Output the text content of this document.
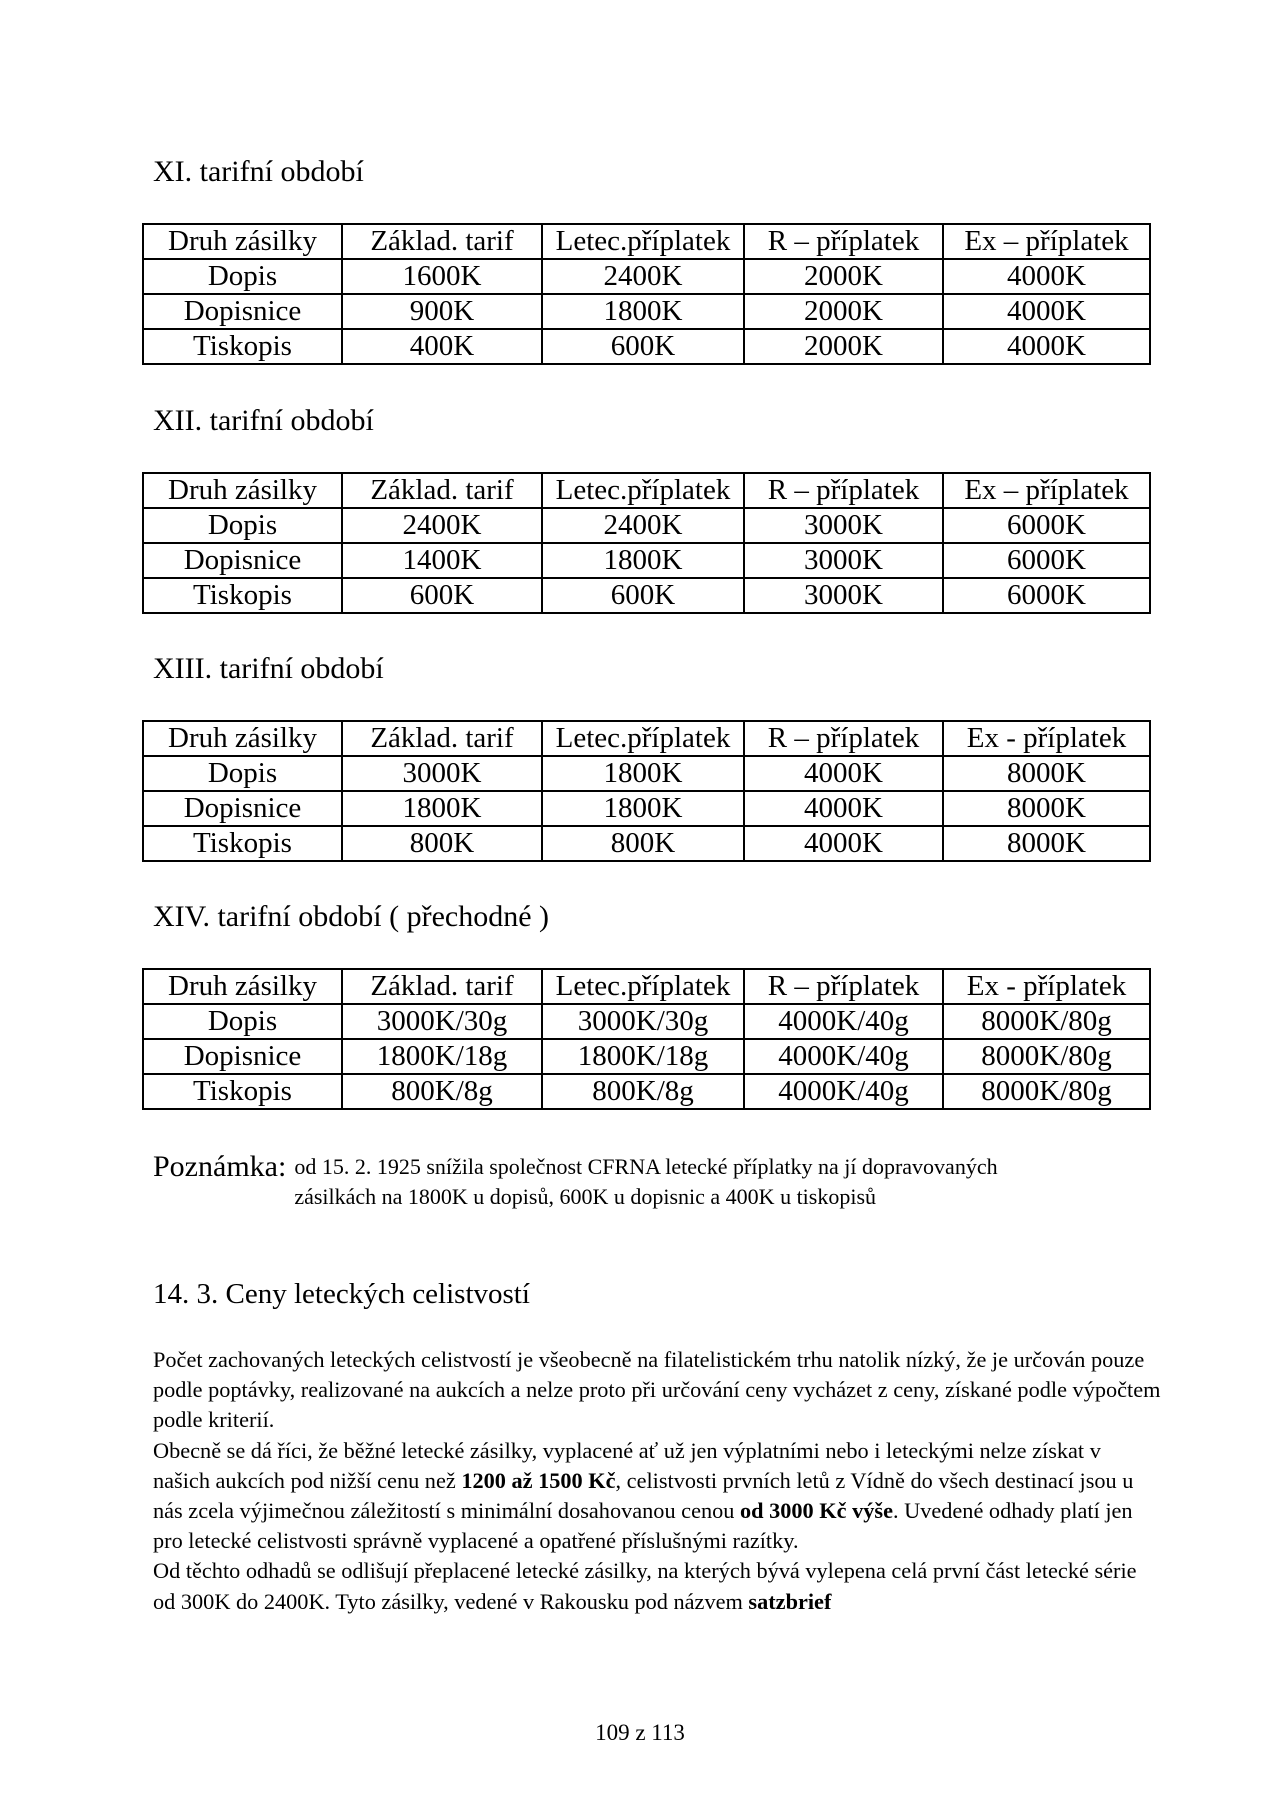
XI. tarifní období
Druh zásilky	Základ. tarif	Letec.příplatek	R – příplatek	Ex – příplatek
Dopis	1600K	2400K	2000K	4000K
Dopisnice	900K	1800K	2000K	4000K
Tiskopis	400K	600K	2000K	4000K
XII. tarifní období
Druh zásilky	Základ. tarif	Letec.příplatek	R – příplatek	Ex – příplatek
Dopis	2400K	2400K	3000K	6000K
Dopisnice	1400K	1800K	3000K	6000K
Tiskopis	600K	600K	3000K	6000K
XIII. tarifní období
Druh zásilky	Základ. tarif	Letec.příplatek	R – příplatek	Ex - příplatek
Dopis	3000K	1800K	4000K	8000K
Dopisnice	1800K	1800K	4000K	8000K
Tiskopis	800K	800K	4000K	8000K
XIV. tarifní období ( přechodné )
Druh zásilky	Základ. tarif	Letec.příplatek	R – příplatek	Ex - příplatek
Dopis	3000K/30g	3000K/30g	4000K/40g	8000K/80g
Dopisnice	1800K/18g	1800K/18g	4000K/40g	8000K/80g
Tiskopis	800K/8g	800K/8g	4000K/40g	8000K/80g
Poznámka: od 15. 2. 1925 snížila společnost CFRNA letecké příplatky na jí dopravovaných
zásilkách na 1800K u dopisů, 600K u dopisnic a 400K u tiskopisů
14. 3. Ceny leteckých celistvostí

Počet zachovaných leteckých celistvostí je všeobecně na filatelistickém trhu natolik nízký, že je určován pouze podle poptávky, realizované na aukcích a nelze proto při určování ceny vycházet z ceny, získané podle výpočtem podle kriterií.

Obecně se dá říci, že běžné letecké zásilky, vyplacené ať už jen výplatními nebo i leteckými nelze získat v našich aukcích pod nižší cenu než 1200 až 1500 Kč, celistvosti prvních letů z Vídně do všech destinací jsou u nás zcela výjimečnou záležitostí s minimální dosahovanou cenou od 3000 Kč výše. Uvedené odhady platí jen pro letecké celistvosti správně vyplacené a opatřené příslušnými razítky.

Od těchto odhadů se odlišují přeplacené letecké zásilky, na kterých bývá vylepena celá první část letecké série od 300K do 2400K. Tyto zásilky, vedené v Rakousku pod názvem satzbrief

109 z 113
